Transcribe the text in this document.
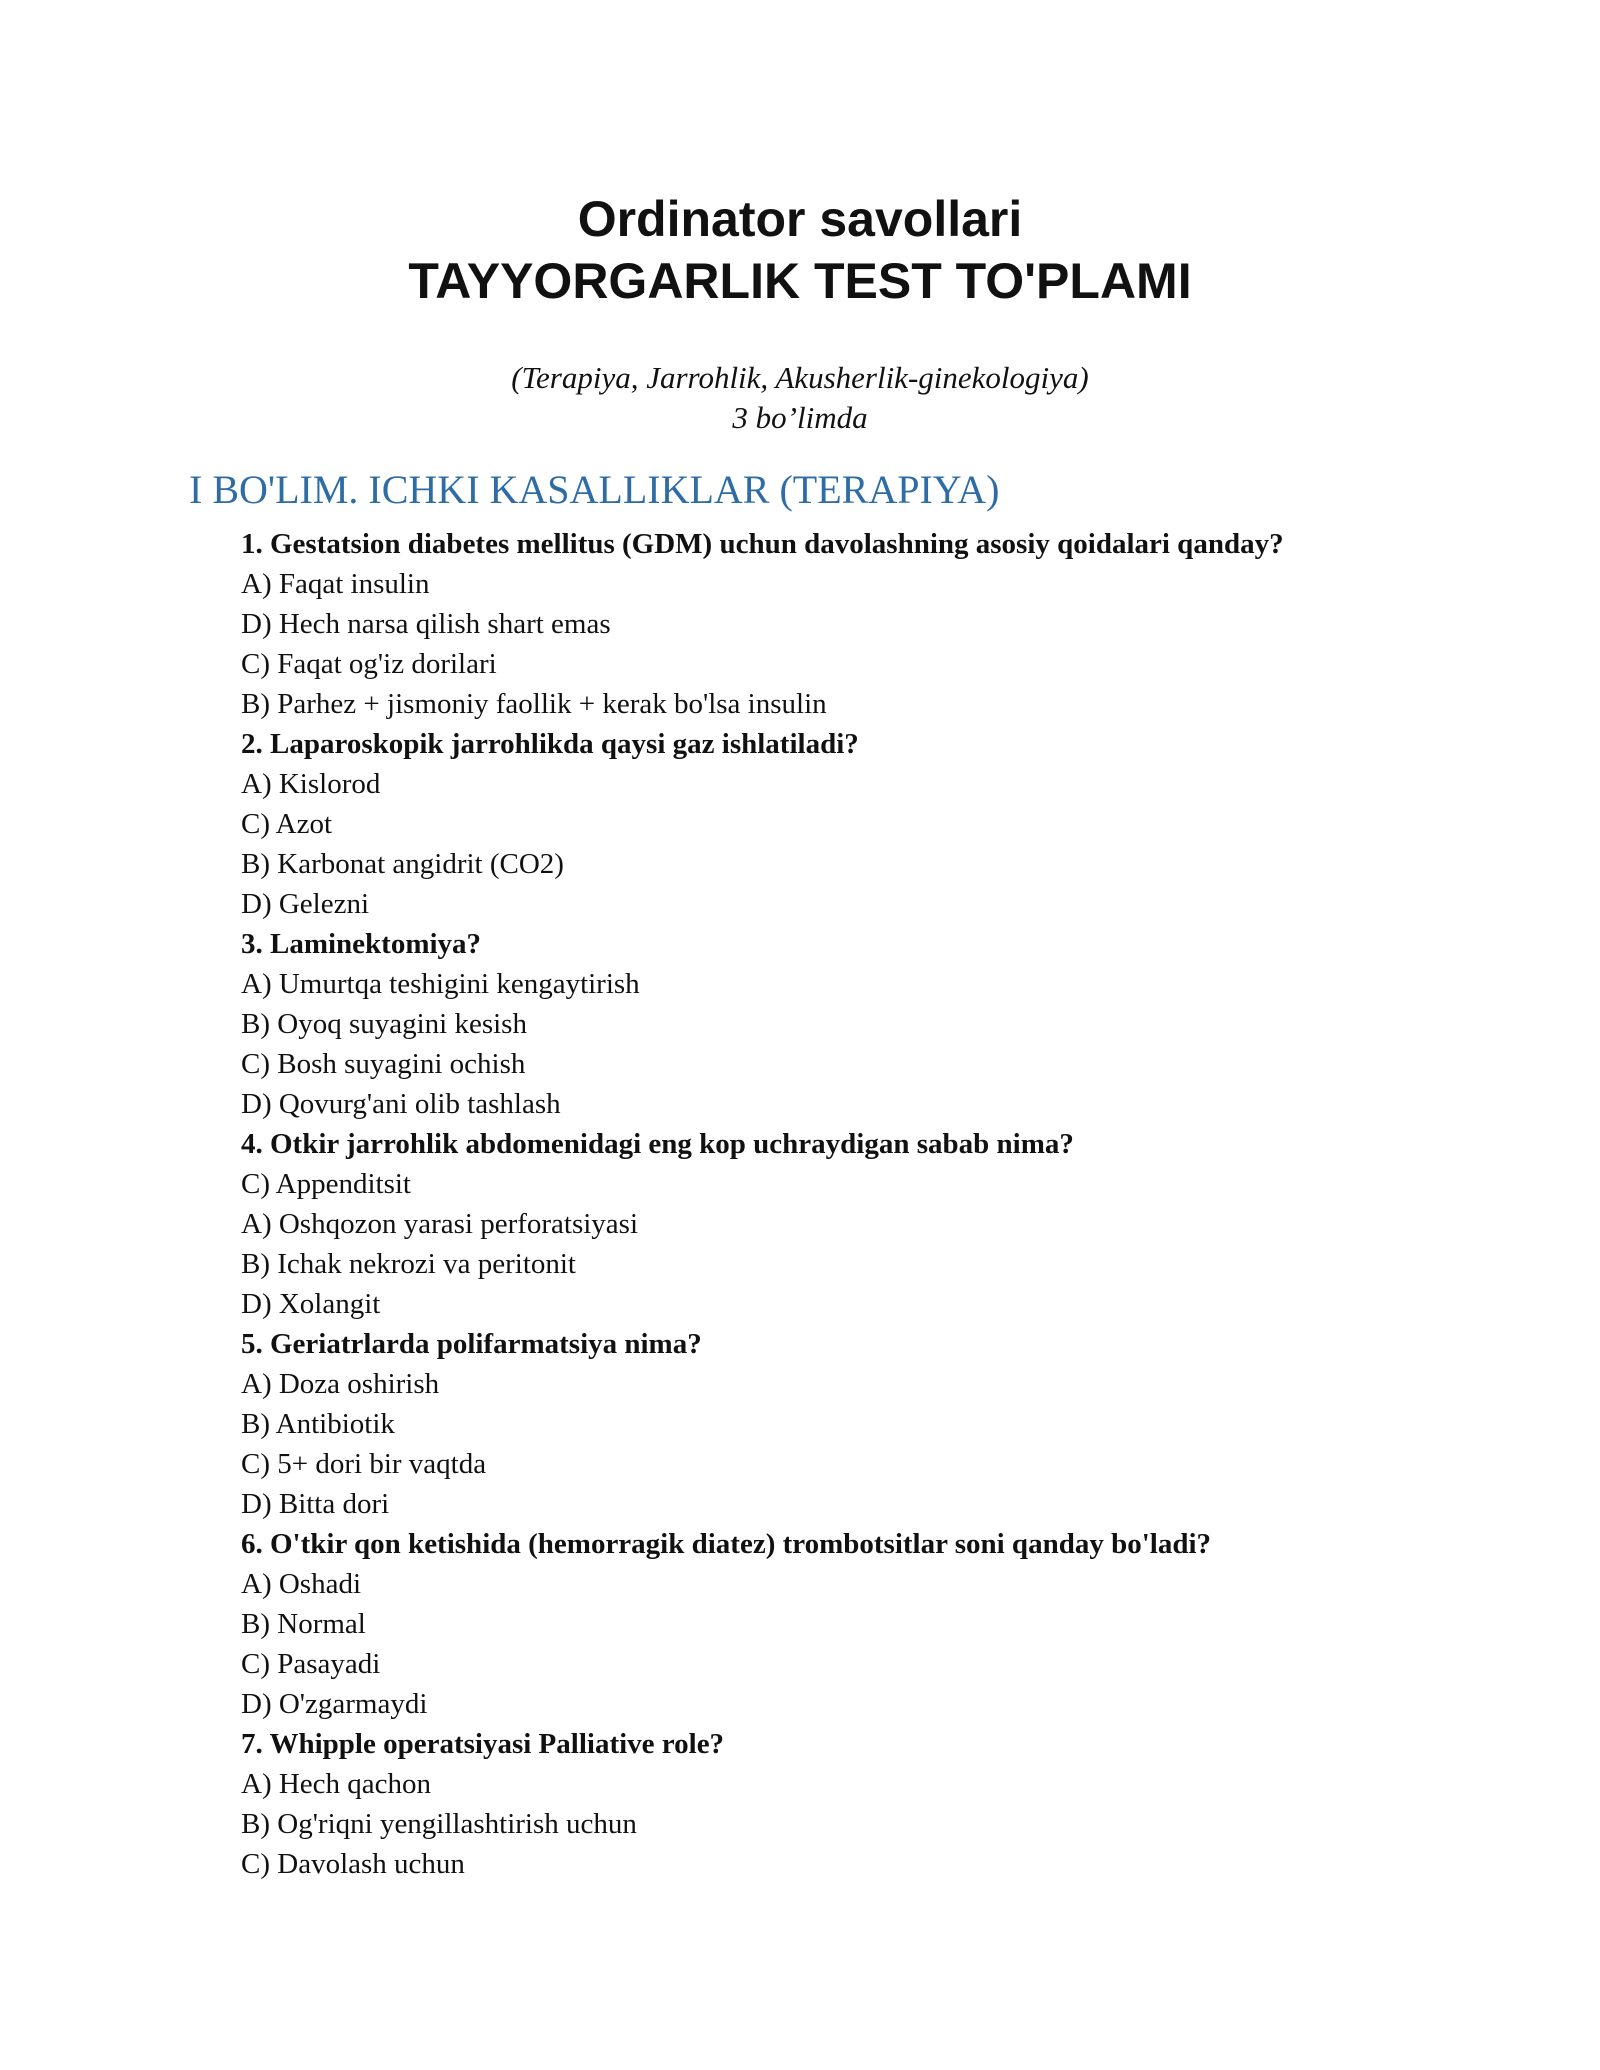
Ordinator savollari
TAYYORGARLIK TEST TO'PLAMI
(Terapiya, Jarrohlik, Akusherlik-ginekologiya)
3 bo’limda
I BO'LIM. ICHKI KASALLIKLAR (TERAPIYA)
1. Gestatsion diabetes mellitus (GDM) uchun davolashning asosiy qoidalari qanday?
A) Faqat insulin
D) Hech narsa qilish shart emas
C) Faqat og'iz dorilari
B) Parhez + jismoniy faollik + kerak bo'lsa insulin
2. Laparoskopik jarrohlikda qaysi gaz ishlatiladi?
A) Kislorod
C) Azot
B) Karbonat angidrit (CO2)
D) Gelezni
3. Laminektomiya?
A) Umurtqa teshigini kengaytirish
B) Oyoq suyagini kesish
C) Bosh suyagini ochish
D) Qovurg'ani olib tashlash
4. Otkir jarrohlik abdomenidagi eng kop uchraydigan sabab nima?
C) Appenditsit
A) Oshqozon yarasi perforatsiyasi
B) Ichak nekrozi va peritonit
D) Xolangit
5. Geriatrlarda polifarmatsiya nima?
A) Doza oshirish
B) Antibiotik
C) 5+ dori bir vaqtda
D) Bitta dori
6. O'tkir qon ketishida (hemorragik diatez) trombotsitlar soni qanday bo'ladi?
A) Oshadi
B) Normal
C) Pasayadi
D) O'zgarmaydi
7. Whipple operatsiyasi Palliative role?
A) Hech qachon
B) Og'riqni yengillashtirish uchun
C) Davolash uchun
